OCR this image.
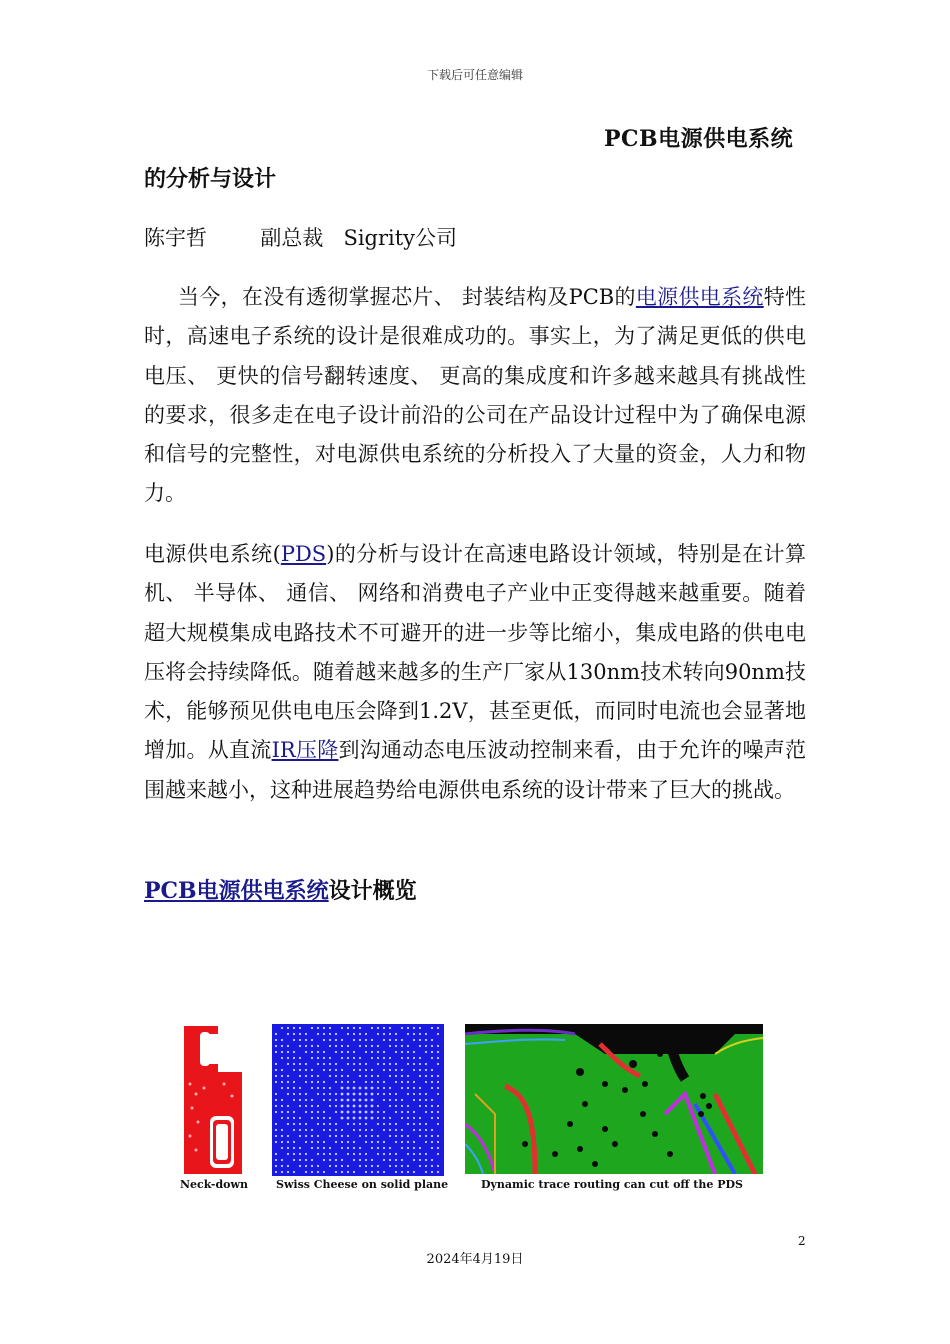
下载后可任意编辑
PCB电源供电系统
的分析与设计
陈宇哲	副总裁 Sigrity公司
当今，在没有透彻掌握芯片、 封装结构及PCB的电源供电系统特性时，高速电子系统的设计是很难成功的。事实上，为了满足更低的供电电压、 更快的信号翻转速度、 更高的集成度和许多越来越具有挑战性的要求，很多走在电子设计前沿的公司在产品设计过程中为了确保电源和信号的完整性，对电源供电系统的分析投入了大量的资金，人力和物力。
电源供电系统(PDS)的分析与设计在高速电路设计领域，特别是在计算机、 半导体、 通信、 网络和消费电子产业中正变得越来越重要。随着超大规模集成电路技术不可避开的进一步等比缩小，集成电路的供电电压将会持续降低。随着越来越多的生产厂家从130nm技术转向90nm技术，能够预见供电电压会降到1.2V，甚至更低，而同时电流也会显著地增加。从直流IR压降到沟通动态电压波动控制来看，由于允许的噪声范围越来越小，这种进展趋势给电源供电系统的设计带来了巨大的挑战。
PCB电源供电系统设计概览
Neck-down	Swiss Cheese on solid plane	Dynamic trace routing can cut off the PDS
2
2024年4月19日
